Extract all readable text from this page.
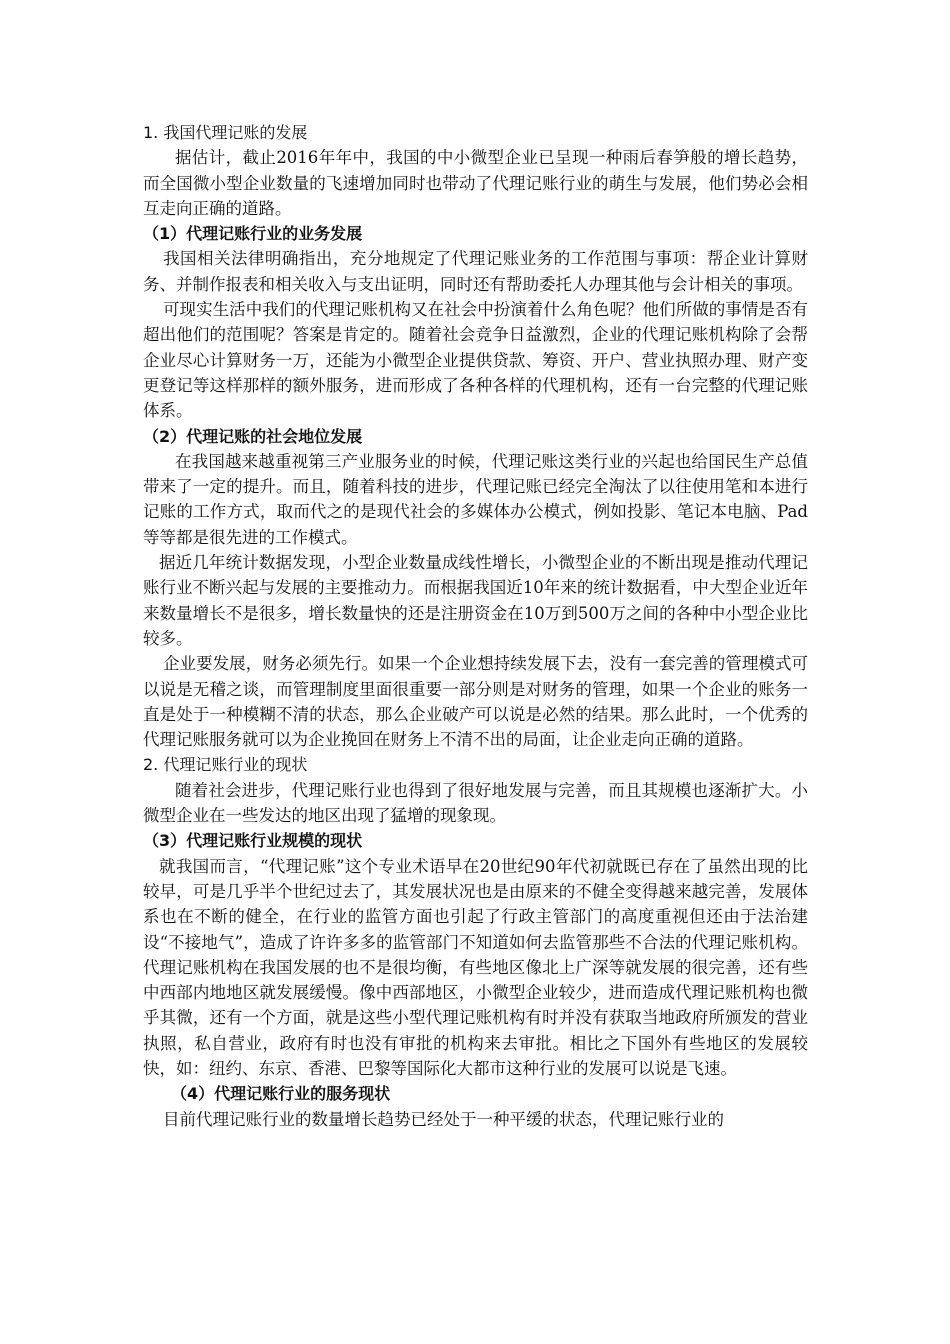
1. 我国代理记账的发展

据估计，截止2016年年中，我国的中小微型企业已呈现一种雨后春笋般的增长趋势，而全国微小型企业数量的飞速增加同时也带动了代理记账行业的萌生与发展，他们势必会相互走向正确的道路。

（1）代理记账行业的业务发展

我国相关法律明确指出，充分地规定了代理记账业务的工作范围与事项：帮企业计算财务、并制作报表和相关收入与支出证明，同时还有帮助委托人办理其他与会计相关的事项。

可现实生活中我们的代理记账机构又在社会中扮演着什么角色呢？他们所做的事情是否有超出他们的范围呢？答案是肯定的。随着社会竞争日益激烈，企业的代理记账机构除了会帮企业尽心计算财务一万，还能为小微型企业提供贷款、筹资、开户、营业执照办理、财产变更登记等这样那样的额外服务，进而形成了各种各样的代理机构，还有一台完整的代理记账体系。

（2）代理记账的社会地位发展

在我国越来越重视第三产业服务业的时候，代理记账这类行业的兴起也给国民生产总值带来了一定的提升。而且，随着科技的进步，代理记账已经完全淘汰了以往使用笔和本进行记账的工作方式，取而代之的是现代社会的多媒体办公模式，例如投影、笔记本电脑、Pad等等都是很先进的工作模式。

据近几年统计数据发现，小型企业数量成线性增长，小微型企业的不断出现是推动代理记账行业不断兴起与发展的主要推动力。而根据我国近10年来的统计数据看，中大型企业近年来数量增长不是很多，增长数量快的还是注册资金在10万到500万之间的各种中小型企业比较多。

企业要发展，财务必须先行。如果一个企业想持续发展下去，没有一套完善的管理模式可以说是无稽之谈，而管理制度里面很重要一部分则是对财务的管理，如果一个企业的账务一直是处于一种模糊不清的状态，那么企业破产可以说是必然的结果。那么此时，一个优秀的代理记账服务就可以为企业挽回在财务上不清不出的局面，让企业走向正确的道路。

2. 代理记账行业的现状

随着社会进步，代理记账行业也得到了很好地发展与完善，而且其规模也逐渐扩大。小微型企业在一些发达的地区出现了猛增的现象现。

（3）代理记账行业规模的现状

就我国而言，“代理记账”这个专业术语早在20世纪90年代初就既已存在了虽然出现的比较早，可是几乎半个世纪过去了，其发展状况也是由原来的不健全变得越来越完善，发展体系也在不断的健全，在行业的监管方面也引起了行政主管部门的高度重视但还由于法治建设“不接地气”，造成了许许多多的监管部门不知道如何去监管那些不合法的代理记账机构。代理记账机构在我国发展的也不是很均衡，有些地区像北上广深等就发展的很完善，还有些中西部内地地区就发展缓慢。像中西部地区，小微型企业较少，进而造成代理记账机构也微乎其微，还有一个方面，就是这些小型代理记账机构有时并没有获取当地政府所颁发的营业执照，私自营业，政府有时也没有审批的机构来去审批。相比之下国外有些地区的发展较快，如：纽约、东京、香港、巴黎等国际化大都市这种行业的发展可以说是飞速。

（4）代理记账行业的服务现状

目前代理记账行业的数量增长趋势已经处于一种平缓的状态，代理记账行业的
